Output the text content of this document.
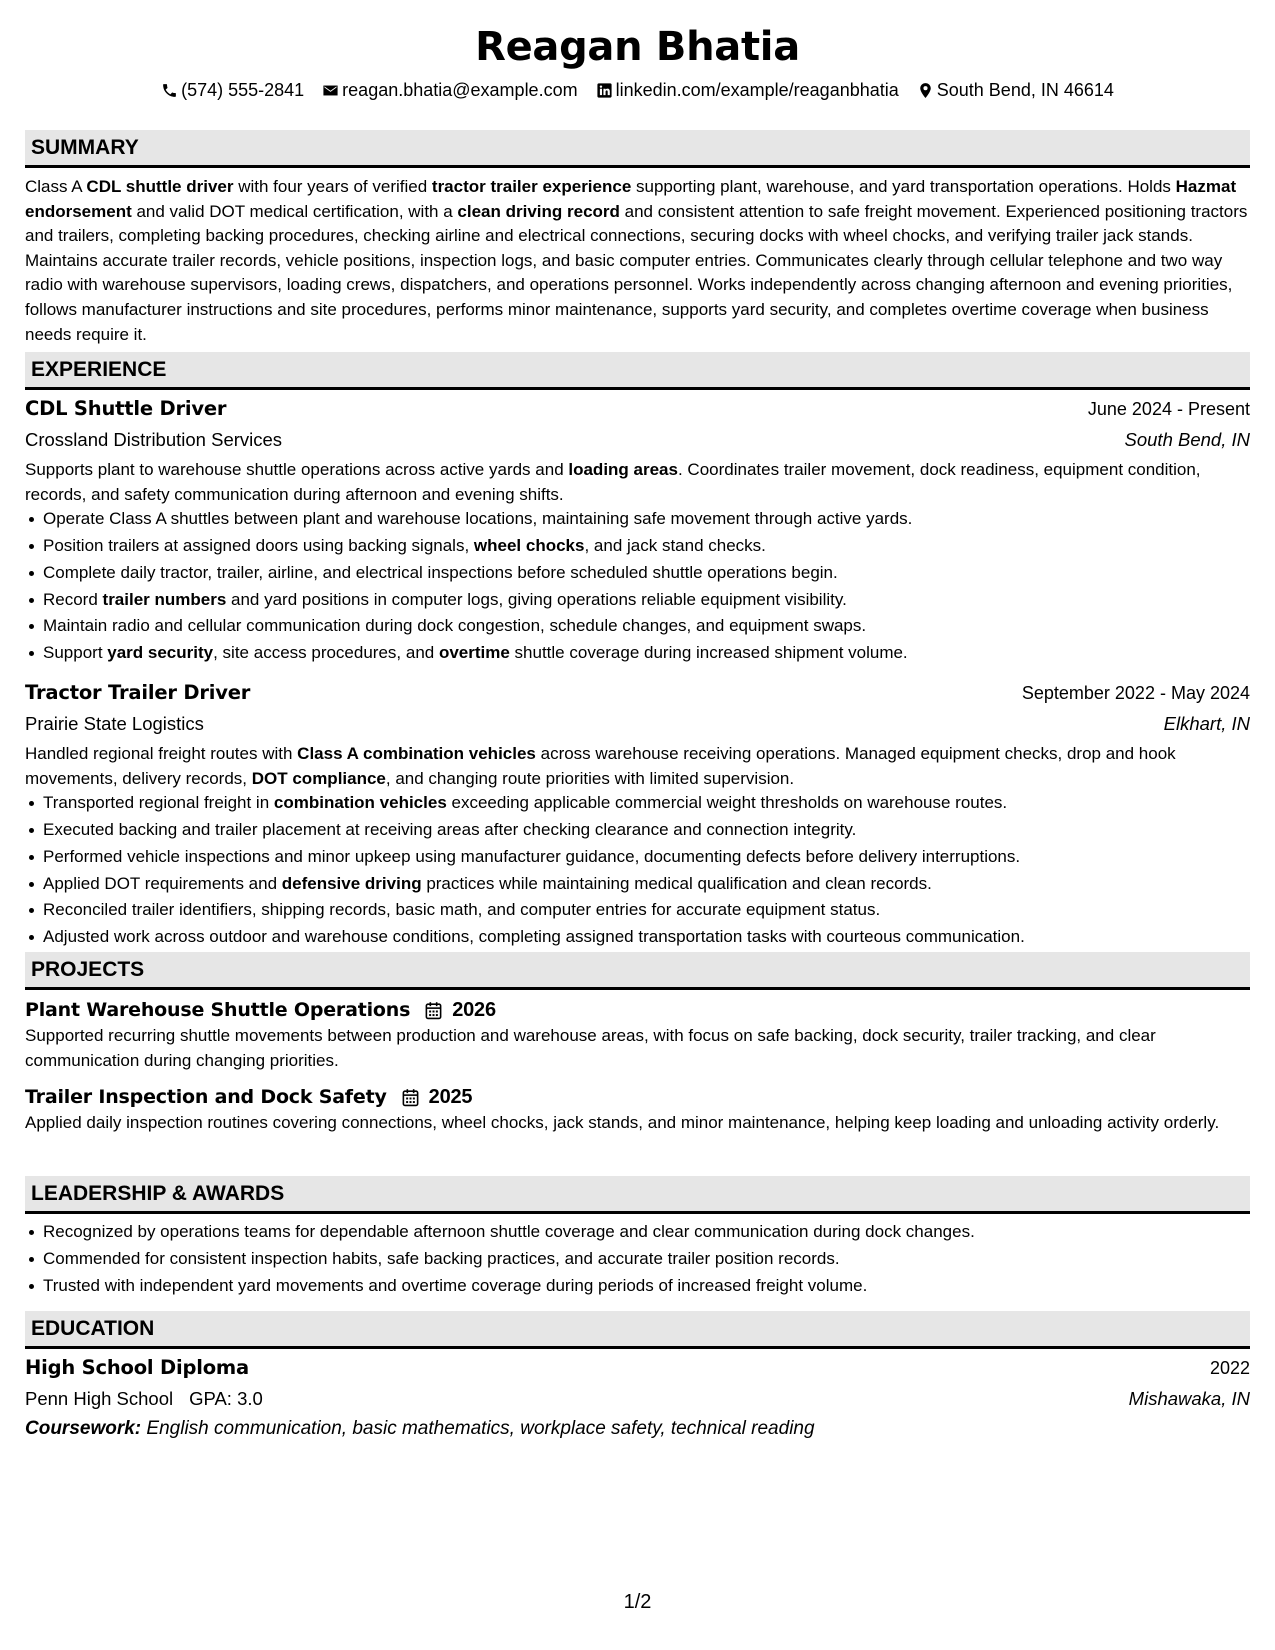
Reagan Bhatia
(574) 555-2841 reagan.bhatia@example.com linkedin.com/example/reaganbhatia South Bend, IN 46614
SUMMARY

Class A CDL shuttle driver with four years of verified tractor trailer experience supporting plant, warehouse, and yard transportation operations. Holds Hazmat endorsement and valid DOT medical certification, with a clean driving record and consistent attention to safe freight movement. Experienced positioning tractors and trailers, completing backing procedures, checking airline and electrical connections, securing docks with wheel chocks, and verifying trailer jack stands. Maintains accurate trailer records, vehicle positions, inspection logs, and basic computer entries. Communicates clearly through cellular telephone and two way radio with warehouse supervisors, loading crews, dispatchers, and operations personnel. Works independently across changing afternoon and evening priorities, follows manufacturer instructions and site procedures, performs minor maintenance, supports yard security, and completes overtime coverage when business needs require it.

EXPERIENCE
CDL Shuttle Driver	June 2024 - Present
Crossland Distribution Services	South Bend, IN

Supports plant to warehouse shuttle operations across active yards and loading areas. Coordinates trailer movement, dock readiness, equipment condition, records, and safety communication during afternoon and evening shifts.

Operate Class A shuttles between plant and warehouse locations, maintaining safe movement through active yards.
Position trailers at assigned doors using backing signals, wheel chocks, and jack stand checks.
Complete daily tractor, trailer, airline, and electrical inspections before scheduled shuttle operations begin.
Record trailer numbers and yard positions in computer logs, giving operations reliable equipment visibility.
Maintain radio and cellular communication during dock congestion, schedule changes, and equipment swaps.
Support yard security, site access procedures, and overtime shuttle coverage during increased shipment volume.
Tractor Trailer Driver	September 2022 - May 2024
Prairie State Logistics	Elkhart, IN

Handled regional freight routes with Class A combination vehicles across warehouse receiving operations. Managed equipment checks, drop and hook movements, delivery records, DOT compliance, and changing route priorities with limited supervision.

Transported regional freight in combination vehicles exceeding applicable commercial weight thresholds on warehouse routes.
Executed backing and trailer placement at receiving areas after checking clearance and connection integrity.
Performed vehicle inspections and minor upkeep using manufacturer guidance, documenting defects before delivery interruptions.
Applied DOT requirements and defensive driving practices while maintaining medical qualification and clean records.
Reconciled trailer identifiers, shipping records, basic math, and computer entries for accurate equipment status.
Adjusted work across outdoor and warehouse conditions, completing assigned transportation tasks with courteous communication.
PROJECTS
Plant Warehouse Shuttle Operations 2026

Supported recurring shuttle movements between production and warehouse areas, with focus on safe backing, dock security, trailer tracking, and clear communication during changing priorities.

Trailer Inspection and Dock Safety 2025

Applied daily inspection routines covering connections, wheel chocks, jack stands, and minor maintenance, helping keep loading and unloading activity orderly.

LEADERSHIP & AWARDS
Recognized by operations teams for dependable afternoon shuttle coverage and clear communication during dock changes.
Commended for consistent inspection habits, safe backing practices, and accurate trailer position records.
Trusted with independent yard movements and overtime coverage during periods of increased freight volume.
EDUCATION
High School Diploma	2022
Penn High School GPA: 3.0	Mishawaka, IN
Coursework: English communication, basic mathematics, workplace safety, technical reading
1/2
